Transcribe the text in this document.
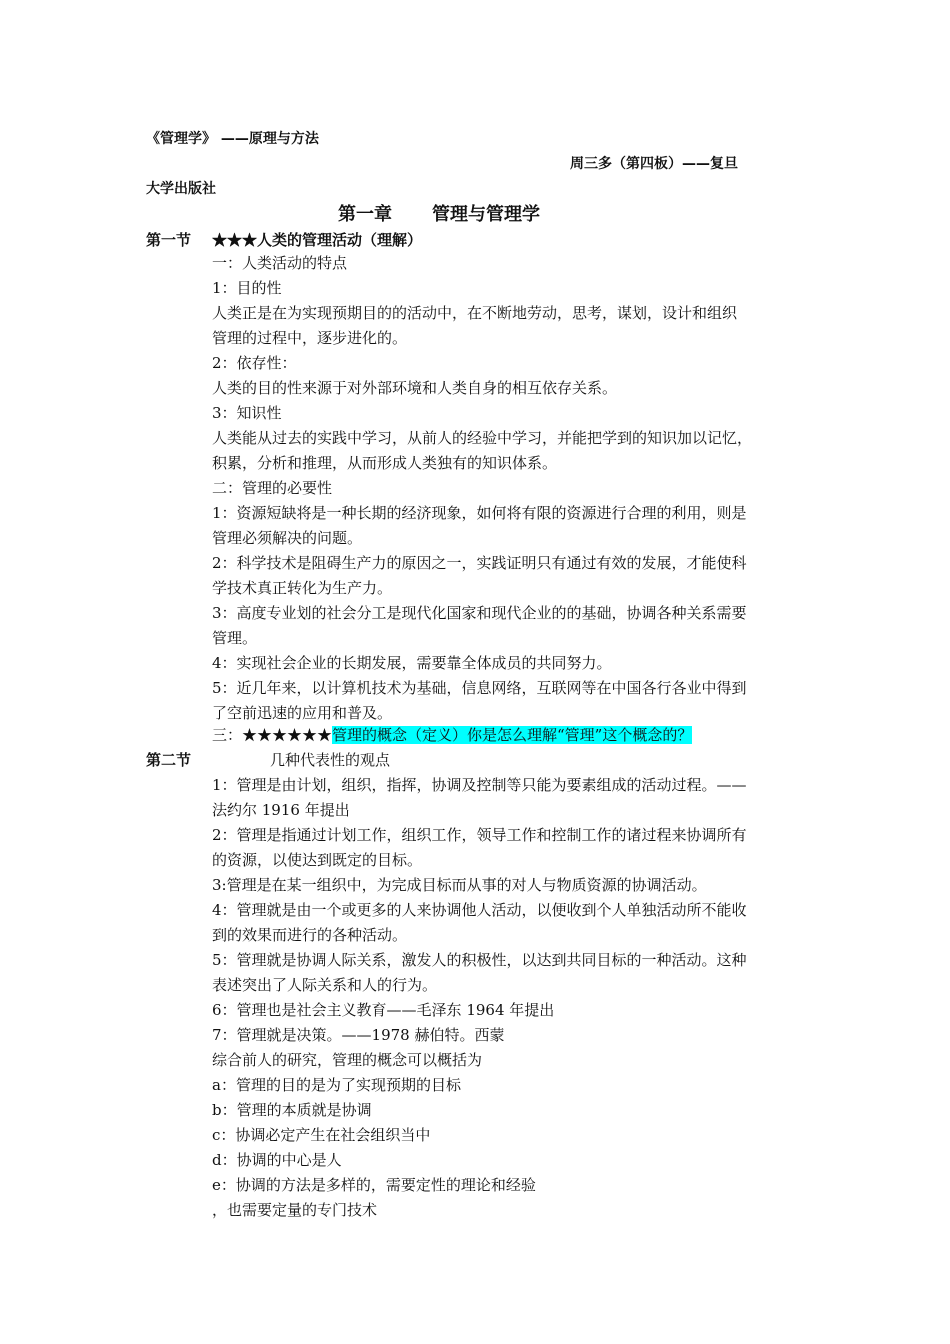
《管理学》 ——原理与方法
周三多（第四板）——复旦
大学出版社
第一章 管理与管理学
第一节 ★★★人类的管理活动（理解）
一：人类活动的特点
1：目的性
人类正是在为实现预期目的的活动中，在不断地劳动，思考，谋划，设计和组织
管理的过程中，逐步进化的。
2：依存性：
人类的目的性来源于对外部环境和人类自身的相互依存关系。
3：知识性
人类能从过去的实践中学习，从前人的经验中学习，并能把学到的知识加以记忆，
积累，分析和推理，从而形成人类独有的知识体系。
二：管理的必要性
1：资源短缺将是一种长期的经济现象，如何将有限的资源进行合理的利用，则是
管理必须解决的问题。
2：科学技术是阻碍生产力的原因之一，实践证明只有通过有效的发展，才能使科
学技术真正转化为生产力。
3：高度专业划的社会分工是现代化国家和现代企业的的基础，协调各种关系需要
管理。
4：实现社会企业的长期发展，需要靠全体成员的共同努力。
5：近几年来，以计算机技术为基础，信息网络，互联网等在中国各行各业中得到
了空前迅速的应用和普及。
三：★★★★★★管理的概念（定义）你是怎么理解“管理”这个概念的？
第二节	几种代表性的观点
1：管理是由计划，组织，指挥，协调及控制等只能为要素组成的活动过程。——
法约尔 1916 年提出
2：管理是指通过计划工作，组织工作，领导工作和控制工作的诸过程来协调所有
的资源，以使达到既定的目标。
3:管理是在某一组织中，为完成目标而从事的对人与物质资源的协调活动。
4：管理就是由一个或更多的人来协调他人活动，以便收到个人单独活动所不能收
到的效果而进行的各种活动。
5：管理就是协调人际关系，激发人的积极性，以达到共同目标的一种活动。这种
表述突出了人际关系和人的行为。
6：管理也是社会主义教育——毛泽东 1964 年提出
7：管理就是决策。——1978 赫伯特。西蒙
综合前人的研究，管理的概念可以概括为
a：管理的目的是为了实现预期的目标
b：管理的本质就是协调
c：协调必定产生在社会组织当中
d：协调的中心是人
e：协调的方法是多样的，需要定性的理论和经验
，也需要定量的专门技术
